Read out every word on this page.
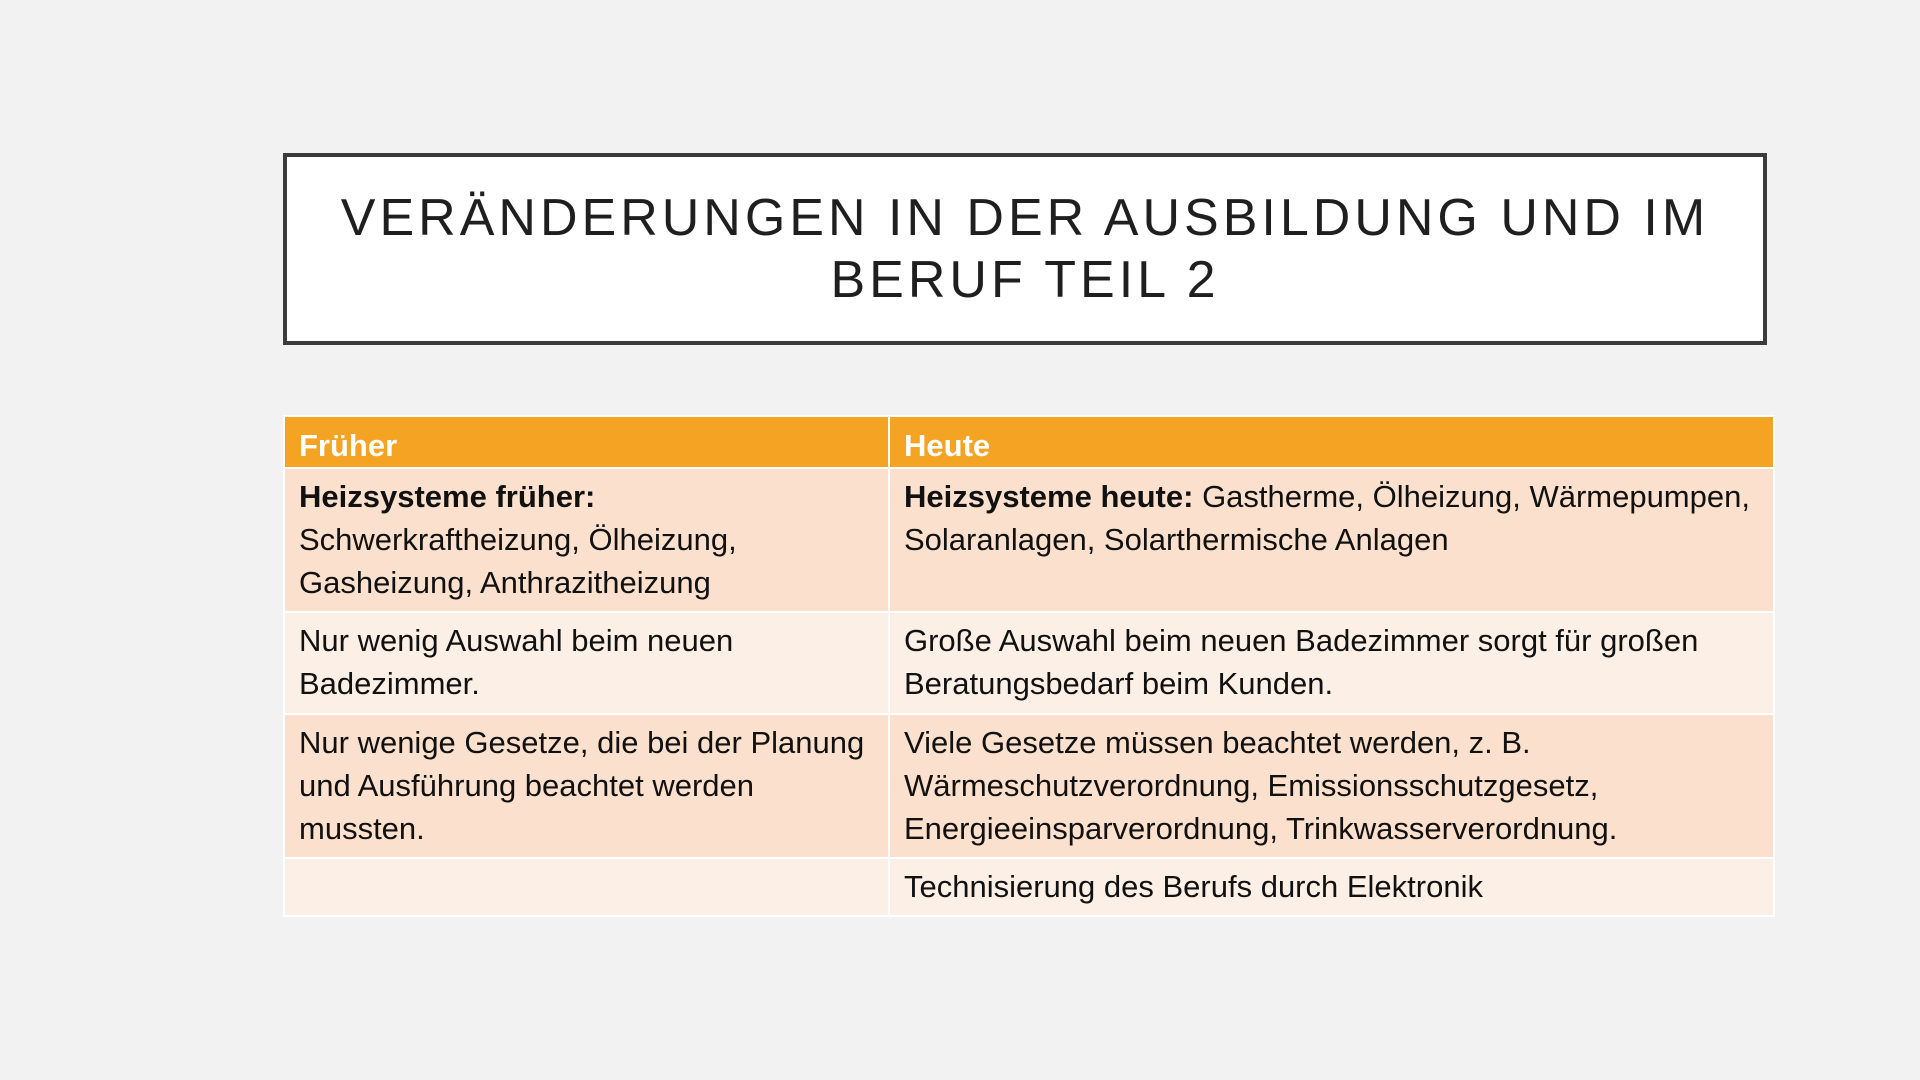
VERÄNDERUNGEN IN DER AUSBILDUNG UND IM BERUF TEIL 2
Früher	Heute
Heizsysteme früher: Schwerkraftheizung, Ölheizung, Gasheizung, Anthrazitheizung	Heizsysteme heute: Gastherme, Ölheizung, Wärmepumpen, Solaranlagen, Solarthermische Anlagen
Nur wenig Auswahl beim neuen Badezimmer.	Große Auswahl beim neuen Badezimmer sorgt für großen Beratungsbedarf beim Kunden.
Nur wenige Gesetze, die bei der Planung und Ausführung beachtet werden mussten.	Viele Gesetze müssen beachtet werden, z. B. Wärmeschutzverordnung, Emissionsschutzgesetz, Energieeinsparverordnung, Trinkwasserverordnung.
	Technisierung des Berufs durch Elektronik
